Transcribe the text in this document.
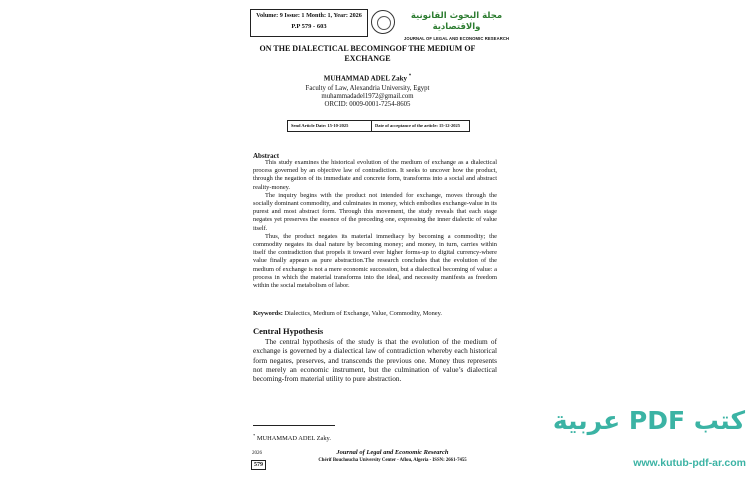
Volume: 9 Issue: 1 Month: 1, Year: 2026
P.P 579 - 603
مجلة البحوث القانونية والاقتصادية
JOURNAL OF LEGAL AND ECONOMIC RESEARCH
ON THE DIALECTICAL BECOMINGOF THE MEDIUM OF EXCHANGE
MUHAMMAD ADEL Zaky *
Faculty of Law, Alexandria University, Egypt
muhammadadel1972@gmail.com
ORCID: 0009-0001-7254-8605
Send Article Date: 15-10-2025	Date of acceptance of the article: 15-12-2025
Abstract

This study examines the historical evolution of the medium of exchange as a dialectical process governed by an objective law of contradiction. It seeks to uncover how the product, through the negation of its immediate and concrete form, transforms into a social and abstract reality-money.

The inquiry begins with the product not intended for exchange, moves through the socially dominant commodity, and culminates in money, which embodies exchange-value in its purest and most abstract form. Through this movement, the study reveals that each stage negates yet preserves the essence of the preceding one, expressing the inner dialectic of value itself.

Thus, the product negates its material immediacy by becoming a commodity; the commodity negates its dual nature by becoming money; and money, in turn, carries within itself the contradiction that propels it toward ever higher forms-up to digital currency-where value finally appears as pure abstraction.The research concludes that the evolution of the medium of exchange is not a mere economic succession, but a dialectical becoming of value: a process in which the material transforms into the ideal, and necessity manifests as freedom within the social metabolism of labor.

Keywords: Dialectics, Medium of Exchange, Value, Commodity, Money.
Central Hypothesis

The central hypothesis of the study is that the evolution of the medium of exchange is governed by a dialectical law of contradiction whereby each historical form negates, preserves, and transcends the previous one. Money thus represents not merely an economic instrument, but the culmination of value’s dialectical becoming-from material utility to pure abstraction.

* MUHAMMAD ADEL Zaky.
2026
579
Journal of Legal and Economic Research
Chérif Bouchoucha University Center - Aflou, Algeria - ISSN: 2661-7455
كتب PDF عربية
www.kutub-pdf-ar.com
